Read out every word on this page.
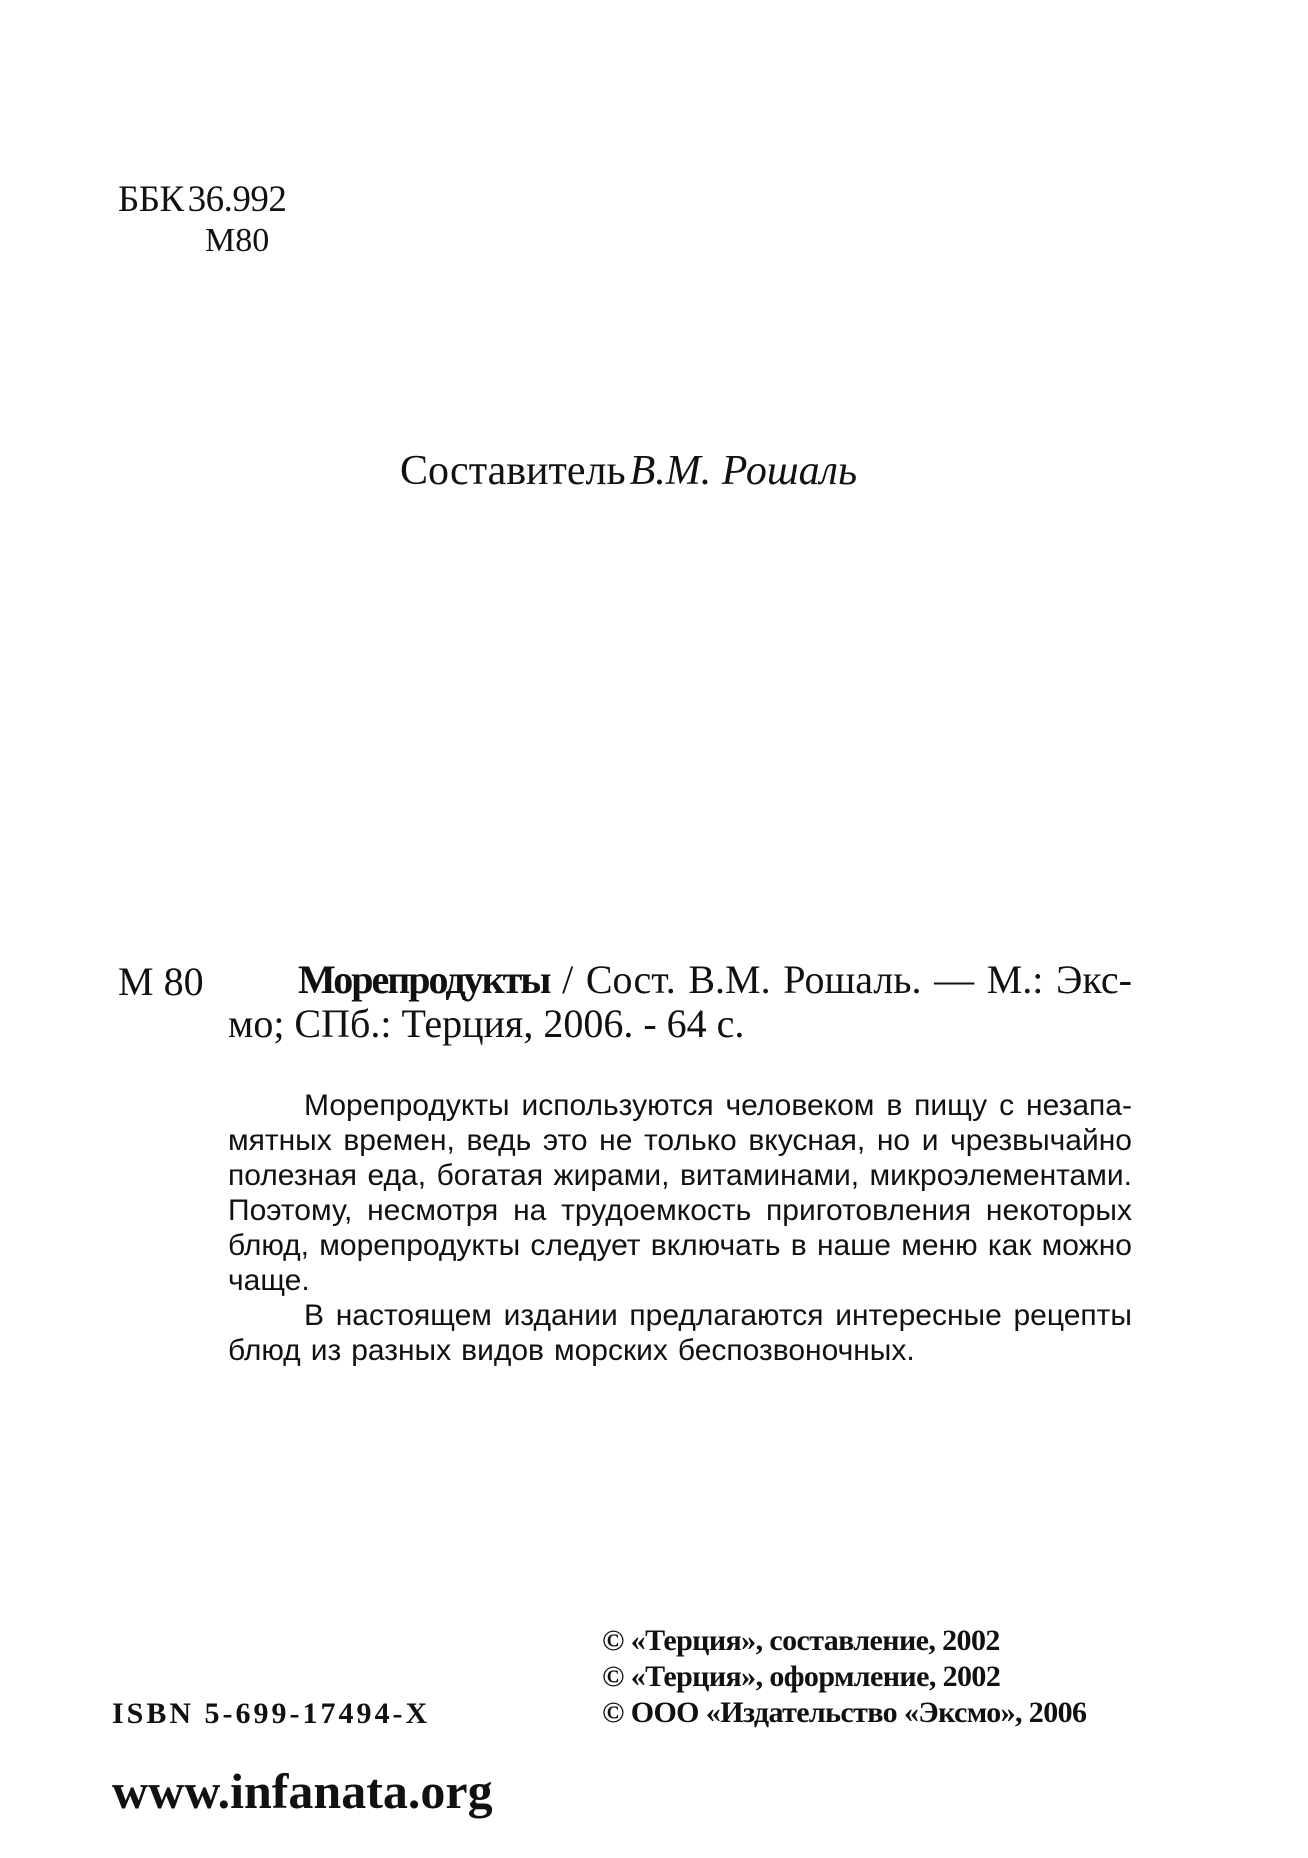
ББК 36.992
М80
СоставительВ.М. Рошаль
М 80 Морепродукты / Сост. В.М. Рошаль. — М.: Экс-
мо; СПб.: Терция, 2006. - 64 с.
Морепродукты используются человеком в пищу с незапа-
мятных времен, ведь это не только вкусная, но и чрезвычайно
полезная еда, богатая жирами, витаминами, микроэлементами.
Поэтому, несмотря на трудоемкость приготовления некоторых
блюд, морепродукты следует включать в наше меню как можно
чаще.
В настоящем издании предлагаются интересные рецепты
блюд из разных видов морских беспозвоночных.
© «Терция», составление, 2002
© «Терция», оформление, 2002
© ООО «Издательство «Эксмо», 2006
ISBN 5-699-17494-X
www.infanata.org
